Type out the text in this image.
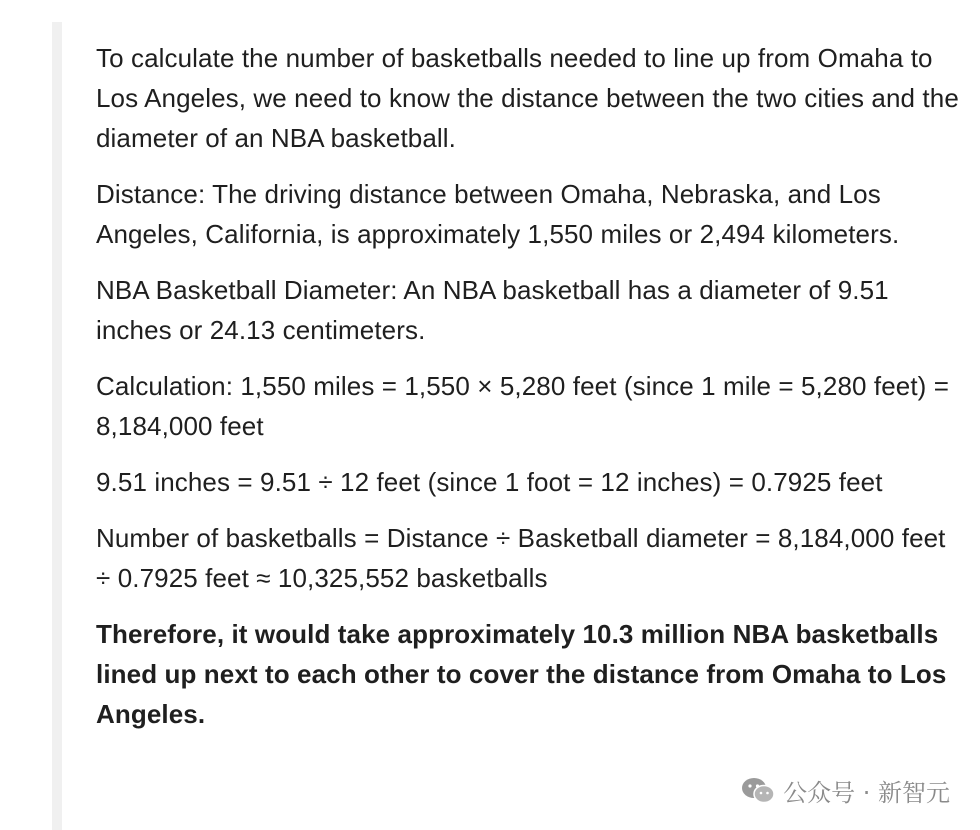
To calculate the number of basketballs needed to line up from Omaha to Los Angeles, we need to know the distance between the two cities and the diameter of an NBA basketball.

Distance: The driving distance between Omaha, Nebraska, and Los Angeles, California, is approximately 1,550 miles or 2,494 kilometers.

NBA Basketball Diameter: An NBA basketball has a diameter of 9.51 inches or 24.13 centimeters.

Calculation: 1,550 miles = 1,550 × 5,280 feet (since 1 mile = 5,280 feet) = 8,184,000 feet

9.51 inches = 9.51 ÷ 12 feet (since 1 foot = 12 inches) = 0.7925 feet

Number of basketballs = Distance ÷ Basketball diameter = 8,184,000 feet ÷ 0.7925 feet ≈ 10,325,552 basketballs

Therefore, it would take approximately 10.3 million NBA basketballs lined up next to each other to cover the distance from Omaha to Los Angeles.

公众号 · 新智元
